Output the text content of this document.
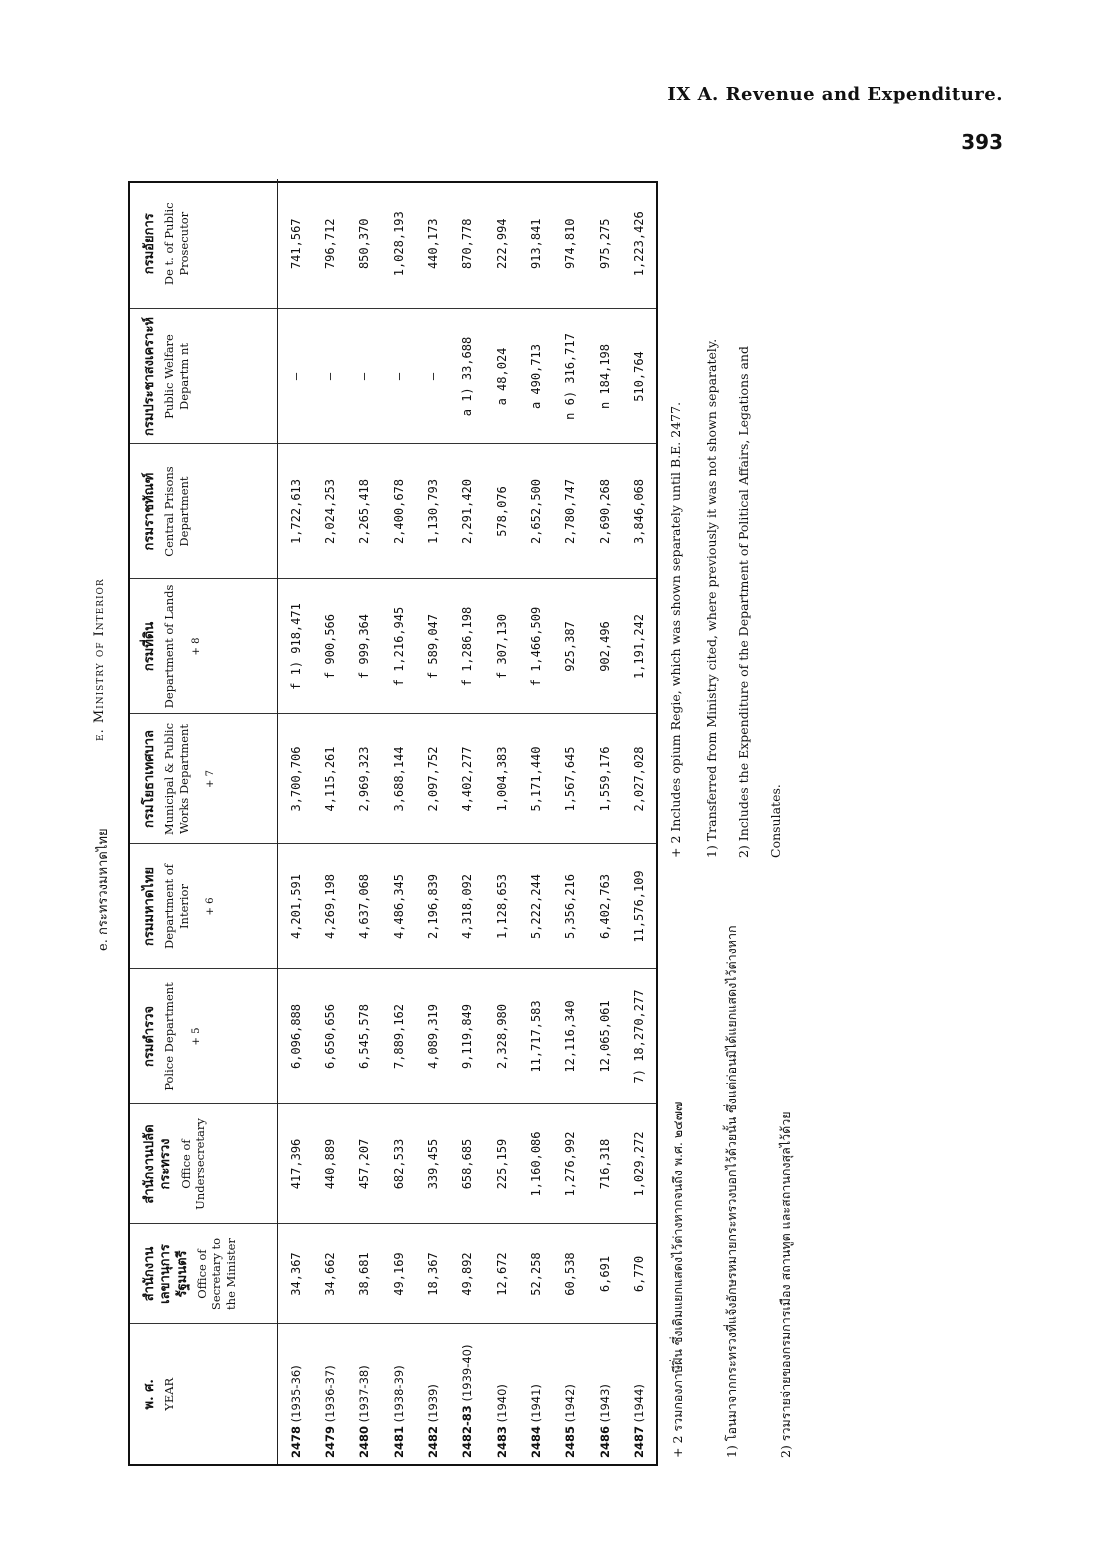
IX A. Revenue and Expenditure.
393
e. กระทรวงมหาดไทย
e. Ministry of Interior
พ. ศ. YEAR	สำนักงานเลขานุการรัฐมนตรี Office of Secretary to the Minister	สำนักงานปลัดกระทรวง Office of Undersecretary	กรมตำรวจ Police Department + 5	กรมมหาดไทย Department of Interior + 6	กรมโยธาเทศบาล Municipal & Public Works Department + 7	กรมที่ดิน Department of Lands + 8	กรมราชทัณฑ์ Central Prisons Department	กรมประชาสงเคราะห์ Public Welfare Departm nt	กรมอัยการ De t. of Public Prosecutor

2478 (1935-36)	34,367	417,396	6,096,888	4,201,591	3,700,706	f 1) 918,471	1,722,613	—	741,567
2479 (1936-37)	34,662	440,889	6,650,656	4,269,198	4,115,261	f 900,566	2,024,253	—	796,712
2480 (1937-38)	38,681	457,207	6,545,578	4,637,068	2,969,323	f 999,364	2,265,418	—	850,370
2481 (1938-39)	49,169	682,533	7,889,162	4,486,345	3,688,144	f 1,216,945	2,400,678	—	1,028,193
2482 (1939)	18,367	339,455	4,089,319	2,196,839	2,097,752	f 589,047	1,130,793	—	440,173
2482-83 (1939-40)	49,892	658,685	9,119,849	4,318,092	4,402,277	f 1,286,198	2,291,420	a 1) 33,688	870,778
2483 (1940)	12,672	225,159	2,328,980	1,128,653	1,004,383	f 307,130	578,076	a 48,024	222,994
2484 (1941)	52,258	1,160,086	11,717,583	5,222,244	5,171,440	f 1,466,509	2,652,500	a 490,713	913,841
2485 (1942)	60,538	1,276,992	12,116,340	5,356,216	1,567,645	925,387	2,780,747	n 6) 316,717	974,810
2486 (1943)	6,691	716,318	12,065,061	6,402,763	1,559,176	902,496	2,690,268	n 184,198	975,275
2487 (1944)	6,770	1,029,272	7) 18,270,277	11,576,109	2,027,028	1,191,242	3,846,068	510,764	1,223,426
+ 2 รวมกองภาษีฝิ่น ซึ่งเดิมแยกแสดงไว้ต่างหากจนถึง พ.ศ. ๒๔๗๗
+ 2 Includes opium Regie, which was shown separately until B.E. 2477. 1) Transferred from Ministry cited, where previously it was not shown separately.
1) โอนมาจากกระทรวงที่แจ้งอักษรหมายกระทรวงบอกไว้ด้วยนั้น ซึ่งแต่ก่อนมิได้แยกแสดงไว้ต่างหาก
2) Includes the Expenditure of the Department of Political Affairs, Legations and Consulates.
2) รวมรายจ่ายของกรมการเมือง สถานทูต และสถานกงสุลไว้ด้วย
